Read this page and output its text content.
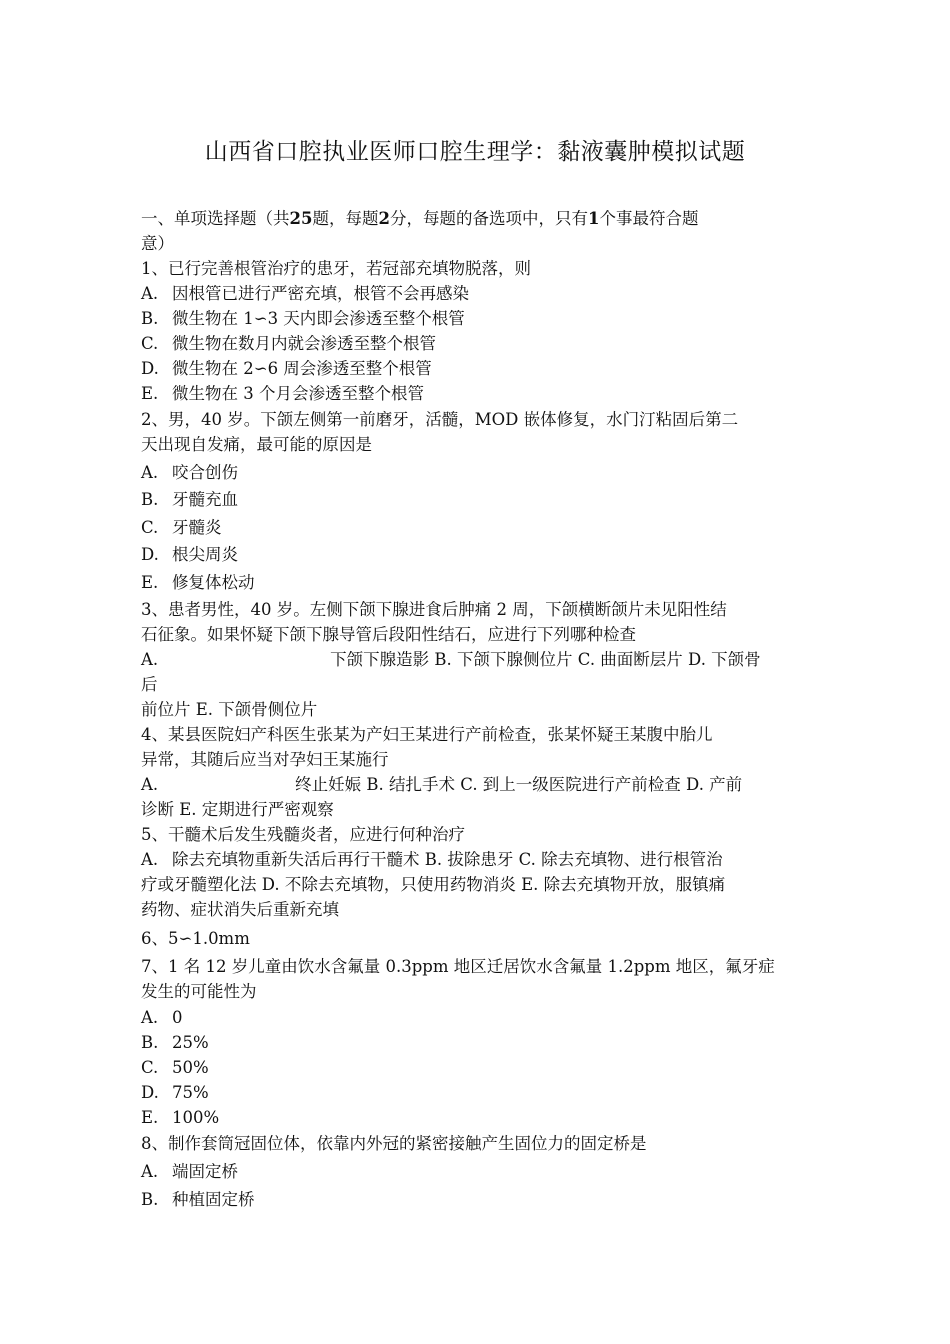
山西省口腔执业医师口腔生理学：黏液囊肿模拟试题
一、单项选择题（共25题，每题2分，每题的备选项中，只有1个事最符合题
意）
1、已行完善根管治疗的患牙，若冠部充填物脱落，则
A. 因根管已进行严密充填，根管不会再感染
B. 微生物在 1∽3 天内即会渗透至整个根管
C. 微生物在数月内就会渗透至整个根管
D. 微生物在 2∽6 周会渗透至整个根管
E. 微生物在 3 个月会渗透至整个根管
2、男，40 岁。下颌左侧第一前磨牙，活髓，MOD 嵌体修复，水门汀粘固后第二
天出现自发痛，最可能的原因是
A. 咬合创伤
B. 牙髓充血
C. 牙髓炎
D. 根尖周炎
E. 修复体松动
3、患者男性，40 岁。左侧下颌下腺进食后肿痛 2 周，下颌横断颌片未见阳性结
石征象。如果怀疑下颌下腺导管后段阳性结石，应进行下列哪种检查
A.	下颌下腺造影 B. 下颌下腺侧位片 C. 曲面断层片 D. 下颌骨
后
前位片 E. 下颌骨侧位片
4、某县医院妇产科医生张某为产妇王某进行产前检查，张某怀疑王某腹中胎儿
异常，其随后应当对孕妇王某施行
A.	终止妊娠 B. 结扎手术 C. 到上一级医院进行产前检查 D. 产前
诊断 E. 定期进行严密观察
5、干髓术后发生残髓炎者，应进行何种治疗
A. 除去充填物重新失活后再行干髓术 B. 拔除患牙 C. 除去充填物、进行根管治
疗或牙髓塑化法 D. 不除去充填物，只使用药物消炎 E. 除去充填物开放，服镇痛
药物、症状消失后重新充填
6、5∽1.0mm
7、1 名 12 岁儿童由饮水含氟量 0.3ppm 地区迁居饮水含氟量 1.2ppm 地区，氟牙症
发生的可能性为
A. 0
B. 25%
C. 50%
D. 75%
E. 100%
8、制作套筒冠固位体，依靠内外冠的紧密接触产生固位力的固定桥是
A. 端固定桥
B. 种植固定桥
